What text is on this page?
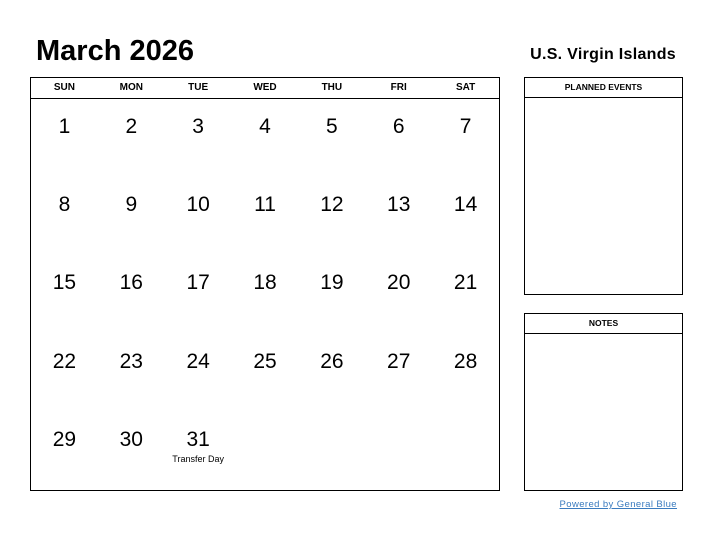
March 2026	U.S. Virgin Islands
SUN	MON	TUE	WED	THU	FRI	SAT
1	2	3	4	5	6	7
8	9	10	11	12	13	14
15	16	17	18	19	20	21
22	23	24	25	26	27	28
29	30	31
Transfer Day
PLANNED EVENTS
NOTES
Powered by General Blue
